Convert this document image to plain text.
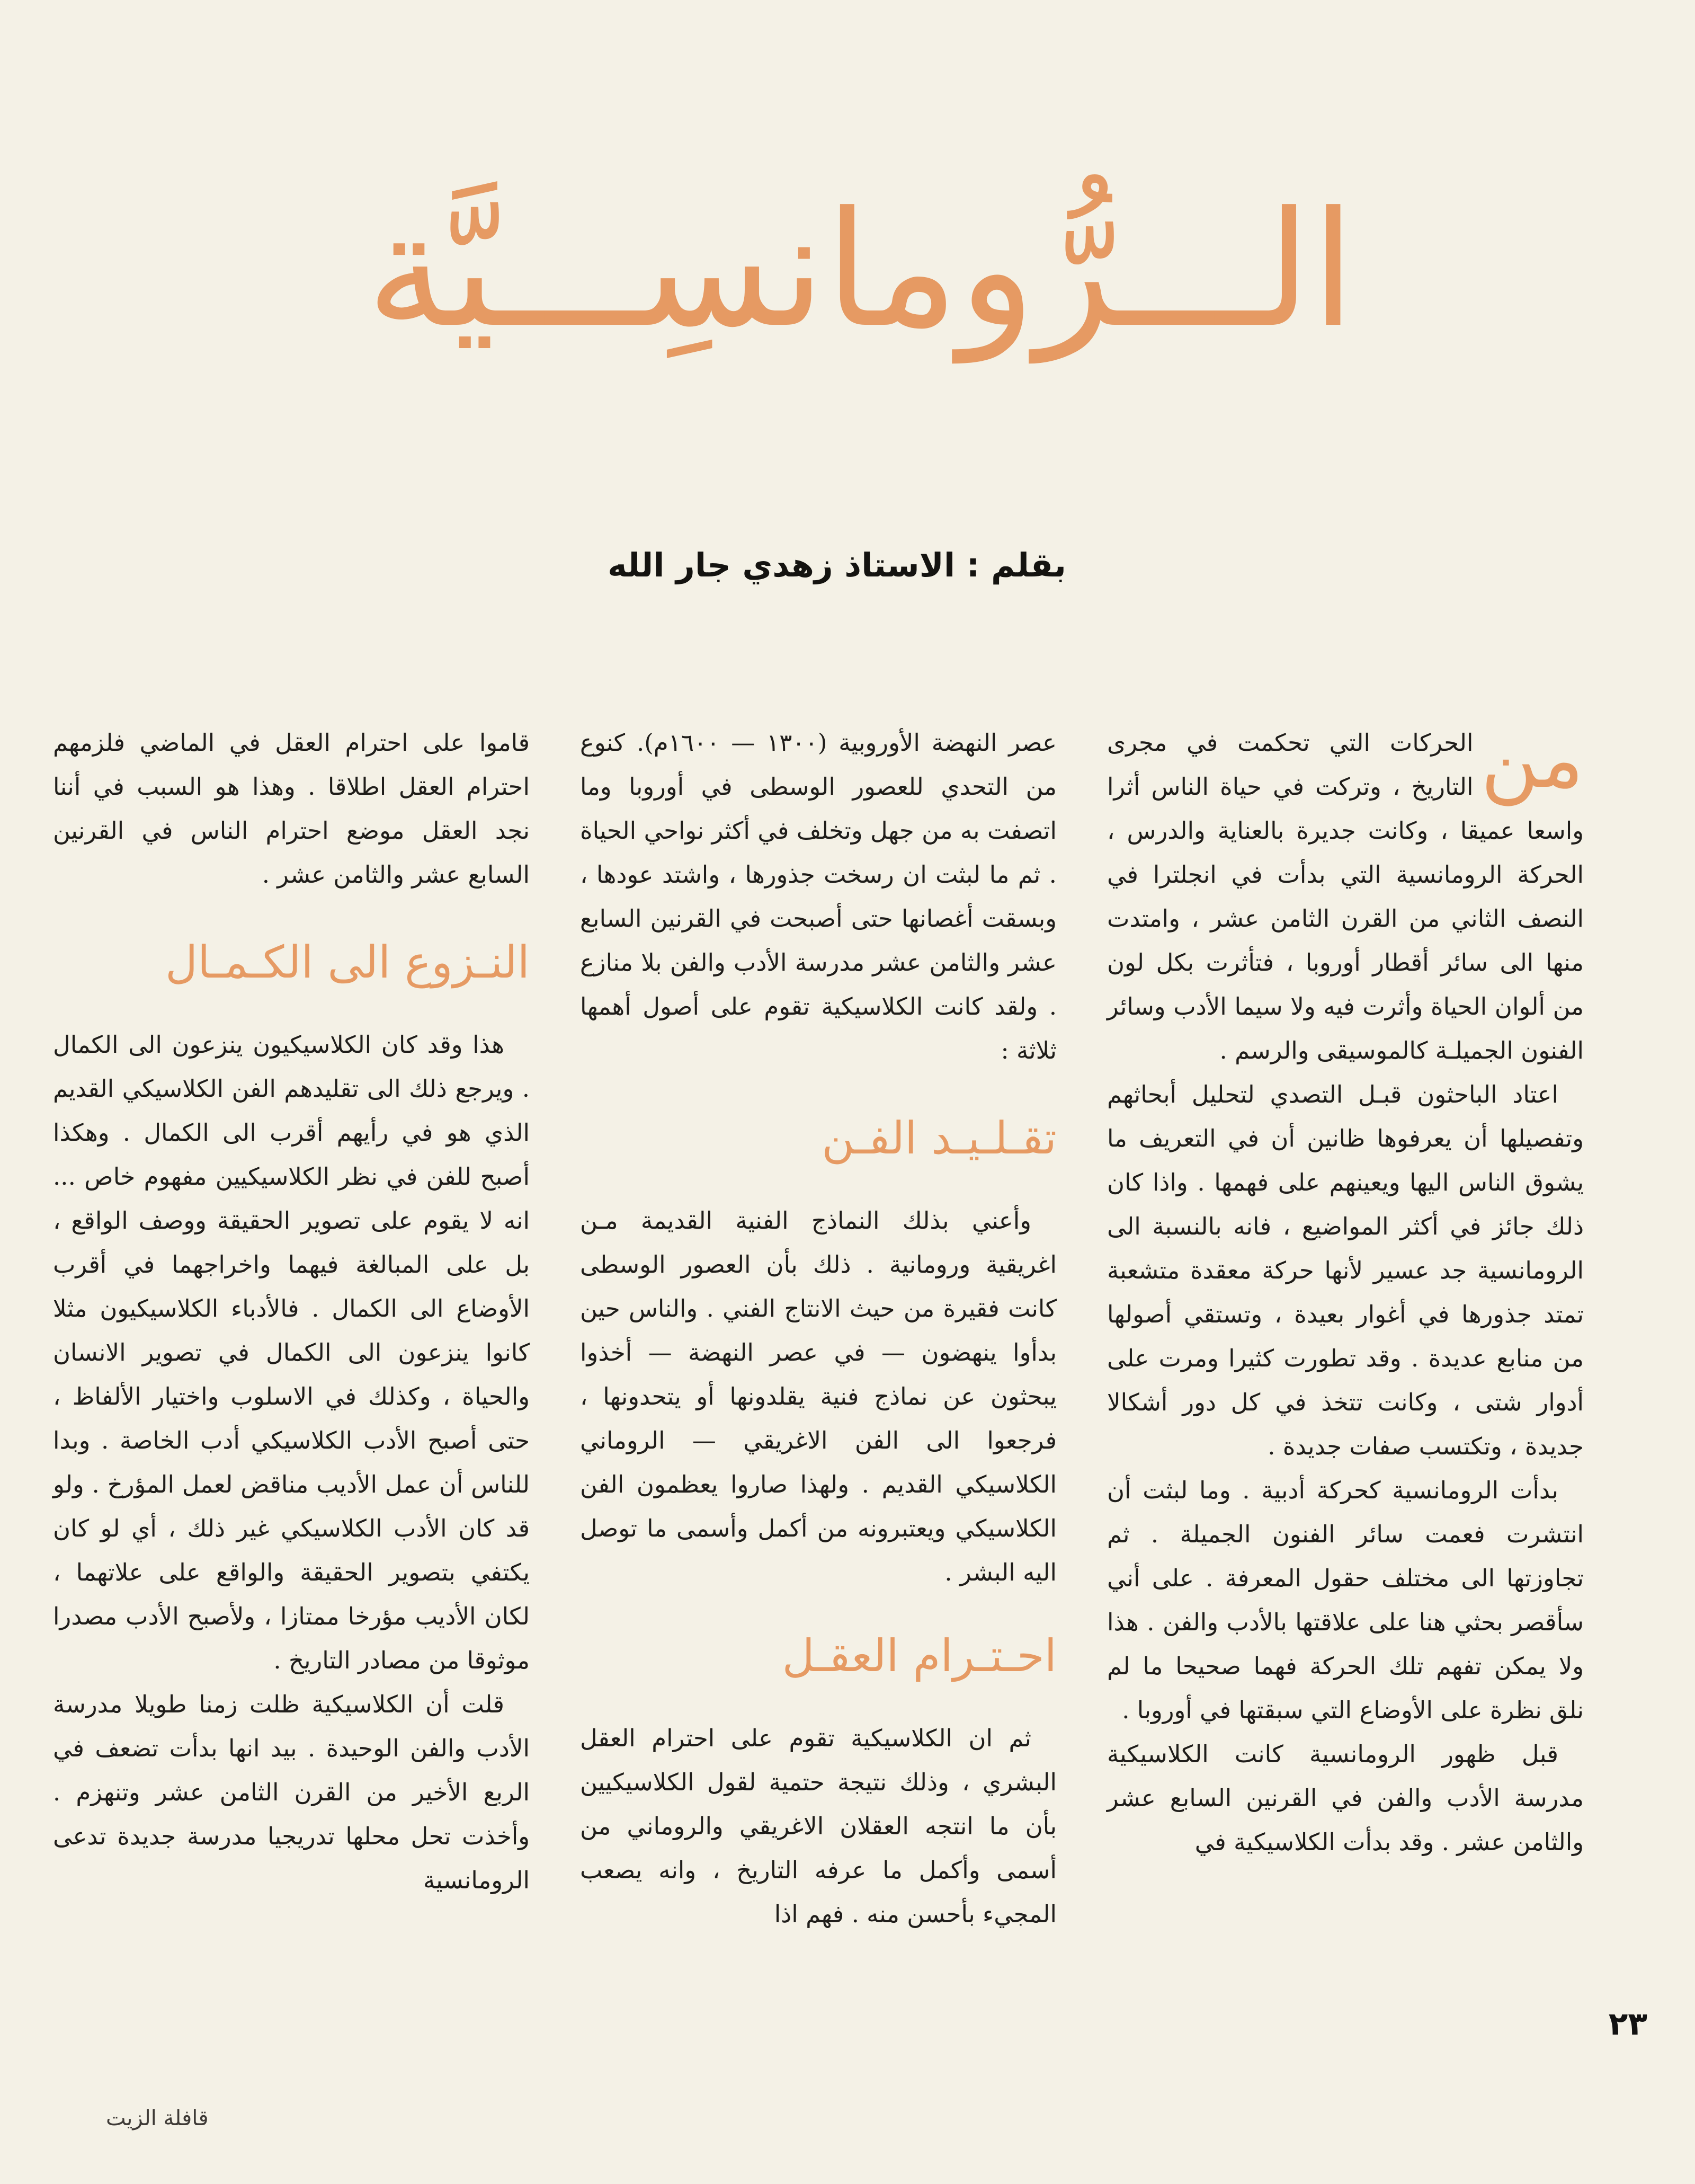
الـــرُّومانسِـــيَّة
بقلم : الاستاذ زهدي جار الله
من

الحركات التي تحكمت في مجرى التاريخ ، وتركت في حياة الناس أثرا واسعا عميقا ، وكانت جديرة بالعناية والدرس ، الحركة الرومانسية التي بدأت في انجلترا في النصف الثاني من القرن الثامن عشر ، وامتدت منها الى سائر أقطار أوروبا ، فتأثرت بكل لون من ألوان الحياة وأثرت فيه ولا سيما الأدب وسائر الفنون الجميلـة كالموسيقى والرسم .

اعتاد الباحثون قبـل التصدي لتحليل أبحاثهم وتفصيلها أن يعرفوها ظانين أن في التعريف ما يشوق الناس اليها ويعينهم على فهمها . واذا كان ذلك جائز في أكثر المواضيع ، فانه بالنسبة الى الرومانسية جد عسير لأنها حركة معقدة متشعبة تمتد جذورها في أغوار بعيدة ، وتستقي أصولها من منابع عديدة . وقد تطورت كثيرا ومرت على أدوار شتى ، وكانت تتخذ في كل دور أشكالا جديدة ، وتكتسب صفات جديدة .

بدأت الرومانسية كحركة أدبية . وما لبثت أن انتشرت فعمت سائر الفنون الجميلة . ثم تجاوزتها الى مختلف حقول المعرفة . على أني سأقصر بحثي هنا على علاقتها بالأدب والفن . هذا ولا يمكن تفهم تلك الحركة فهما صحيحا ما لم نلق نظرة على الأوضاع التي سبقتها في أوروبا .

قبل ظهور الرومانسية كانت الكلاسيكية مدرسة الأدب والفن في القرنين السابع عشر والثامن عشر . وقد بدأت الكلاسيكية في

عصر النهضة الأوروبية (١٣٠٠ — ١٦٠٠م). كنوع من التحدي للعصور الوسطى في أوروبا وما اتصفت به من جهل وتخلف في أكثر نواحي الحياة . ثم ما لبثت ان رسخت جذورها ، واشتد عودها ، وبسقت أغصانها حتى أصبحت في القرنين السابع عشر والثامن عشر مدرسة الأدب والفن بلا منازع . ولقد كانت الكلاسيكية تقوم على أصول أهمها ثلاثة :

تقـلـيـد الفـن

وأعني بذلك النماذج الفنية القديمة مـن اغريقية ورومانية . ذلك بأن العصور الوسطى كانت فقيرة من حيث الانتاج الفني . والناس حين بدأوا ينهضون — في عصر النهضة — أخذوا يبحثون عن نماذج فنية يقلدونها أو يتحدونها ، فرجعوا الى الفن الاغريقي — الروماني الكلاسيكي القديم . ولهذا صاروا يعظمون الفن الكلاسيكي ويعتبرونه من أكمل وأسمى ما توصل اليه البشر .

احـتـرام العقـل

ثم ان الكلاسيكية تقوم على احترام العقل البشري ، وذلك نتيجة حتمية لقول الكلاسيكيين بأن ما انتجه العقلان الاغريقي والروماني من أسمى وأكمل ما عرفه التاريخ ، وانه يصعب المجيء بأحسن منه . فهم اذا

قاموا على احترام العقل في الماضي فلزمهم احترام العقل اطلاقا . وهذا هو السبب في أننا نجد العقل موضع احترام الناس في القرنين السابع عشر والثامن عشر .

النـزوع الى الكـمـال

هذا وقد كان الكلاسيكيون ينزعون الى الكمال . ويرجع ذلك الى تقليدهم الفن الكلاسيكي القديم الذي هو في رأيهم أقرب الى الكمال . وهكذا أصبح للفن في نظر الكلاسيكيين مفهوم خاص ... انه لا يقوم على تصوير الحقيقة ووصف الواقع ، بل على المبالغة فيهما واخراجهما في أقرب الأوضاع الى الكمال . فالأدباء الكلاسيكيون مثلا كانوا ينزعون الى الكمال في تصوير الانسان والحياة ، وكذلك في الاسلوب واختيار الألفاظ ، حتى أصبح الأدب الكلاسيكي أدب الخاصة . وبدا للناس أن عمل الأديب مناقض لعمل المؤرخ . ولو قد كان الأدب الكلاسيكي غير ذلك ، أي لو كان يكتفي بتصوير الحقيقة والواقع على علاتهما ، لكان الأديب مؤرخا ممتازا ، ولأصبح الأدب مصدرا موثوقا من مصادر التاريخ .

قلت أن الكلاسيكية ظلت زمنا طويلا مدرسة الأدب والفن الوحيدة . بيد انها بدأت تضعف في الربع الأخير من القرن الثامن عشر وتنهزم . وأخذت تحل محلها تدريجيا مدرسة جديدة تدعى الرومانسية

٢٣
قافلة الزيت
